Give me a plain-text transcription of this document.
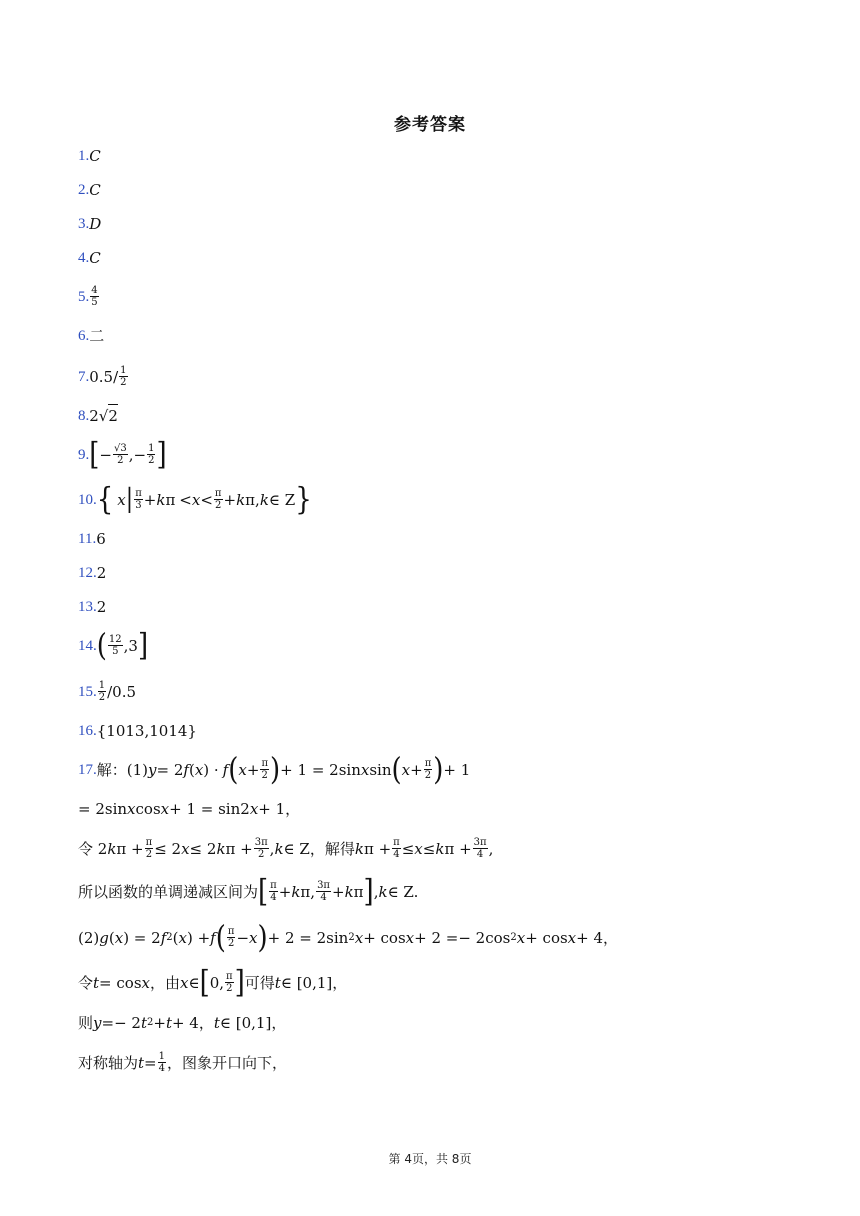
参考答案
1. C
2. C
3. D
4. C
5. 4
5
6. 二
7. 0.5/ 1
2
8. 2√ 2
9. [ − √3
2 ,− 1
2 ]
10. { x | π
3 + k π
< x < π
2 + k π, k ∈ Z }
11. 6
12. 2
13. 2
14. ( 12
5 ,3 ]
15. 1
2 /0.5
16. {1013,1014}
17. 解： (1) y = 2 f ( x ) · f ( x + π
2 ) + 1 = 2sin x sin ( x + π
2 ) + 1
= 2sin x cos x + 1 = sin2 x + 1，
令 2 k π + π
2 ≤ 2 x ≤ 2 k π + 3π
2 , k ∈ Z，解得 k π + π
4 ≤ x ≤ k π + 3π
4 ,
所以函数的单调递减区间为 [ π
4 + k π, 3π
4 + k π ] , k ∈ Z.
(2) g ( x ) = 2 f 2 ( x ) + f ( π
2 − x ) + 2 = 2sin 2 x + cos x + 2 =− 2cos 2 x + cos x + 4，
令 t = cos x ，由 x ∈ [ 0, π
2 ] 可得 t ∈ [0,1]，
则 y =− 2 t 2 + t + 4， t ∈ [0,1]，
对称轴为 t = 1
4 ，图象开口向下，
第 4页，共 8页
